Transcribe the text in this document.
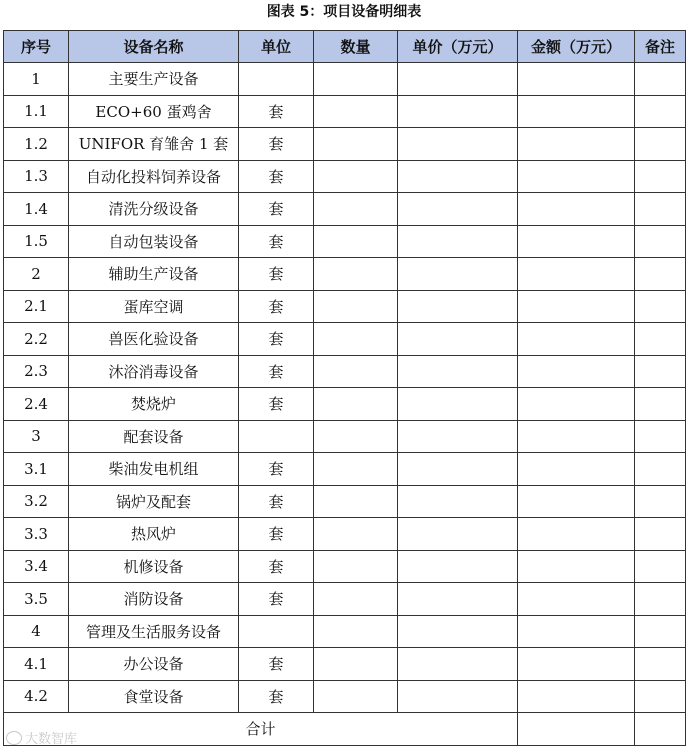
图表 5：项目设备明细表
序号	设备名称	单位	数量	单价（万元）	金额（万元）	备注
1	主要生产设备					
1.1	ECO+60 蛋鸡舍	套				
1.2	UNIFOR 育雏舍 1 套	套				
1.3	自动化投料饲养设备	套				
1.4	清洗分级设备	套				
1.5	自动包装设备	套				
2	辅助生产设备	套				
2.1	蛋库空调	套				
2.2	兽医化验设备	套				
2.3	沐浴消毒设备	套				
2.4	焚烧炉	套				
3	配套设备					
3.1	柴油发电机组	套				
3.2	锅炉及配套	套				
3.3	热风炉	套				
3.4	机修设备	套				
3.5	消防设备	套				
4	管理及生活服务设备					
4.1	办公设备	套				
4.2	食堂设备	套				
合计						
大数智库
